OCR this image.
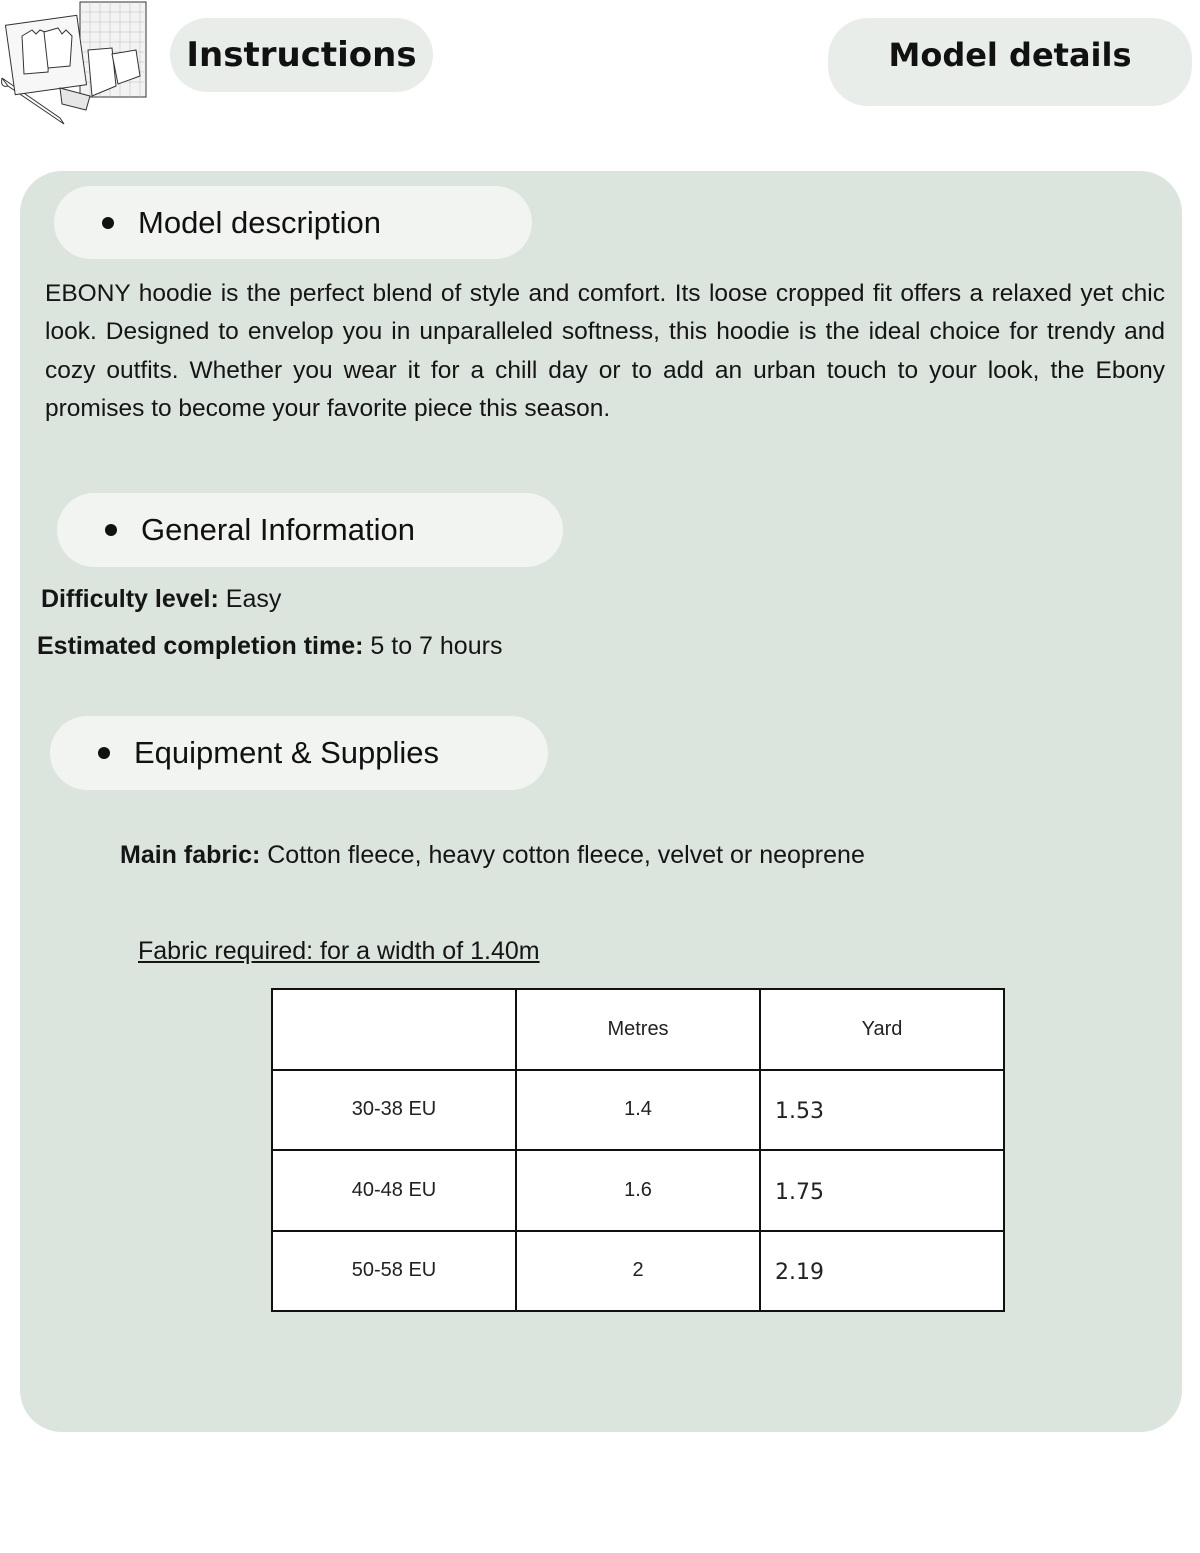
Instructions	Model details
Model description

EBONY hoodie is the perfect blend of style and comfort. Its loose cropped fit offers a relaxed yet chic look. Designed to envelop you in unparalleled softness, this hoodie is the ideal choice for trendy and cozy outfits. Whether you wear it for a chill day or to add an urban touch to your look, the Ebony promises to become your favorite piece this season.

General Information
Difficulty level: Easy
Estimated completion time: 5 to 7 hours
Equipment & Supplies
Main fabric: Cotton fleece, heavy cotton fleece, velvet or neoprene
Fabric required: for a width of 1.40m
	Metres	Yard
30-38 EU	1.4	1.53
40-48 EU	1.6	1.75
50-58 EU	2	2.19
